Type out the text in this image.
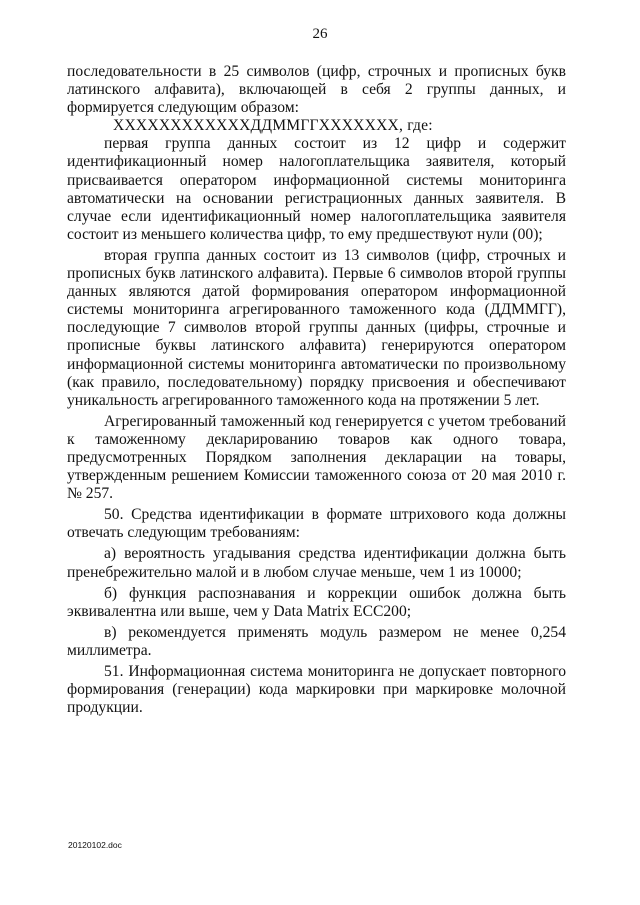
26

последовательности в 25 символов (цифр, строчных и прописных букв латинского алфавита), включающей в себя 2 группы данных, и формируется следующим образом:

ХХХХХХХХХХХХДДММГГХХХХХХХ, где:

первая группа данных состоит из 12 цифр и содержит идентификационный номер налогоплательщика заявителя, который присваивается оператором информационной системы мониторинга автоматически на основании регистрационных данных заявителя. В случае если идентификационный номер налогоплательщика заявителя состоит из меньшего количества цифр, то ему предшествуют нули (00);

вторая группа данных состоит из 13 символов (цифр, строчных и прописных букв латинского алфавита). Первые 6 символов второй группы данных являются датой формирования оператором информационной системы мониторинга агрегированного таможенного кода (ДДММГГ), последующие 7 символов второй группы данных (цифры, строчные и прописные буквы латинского алфавита) генерируются оператором информационной системы мониторинга автоматически по произвольному (как правило, последовательному) порядку присвоения и обеспечивают уникальность агрегированного таможенного кода на протяжении 5 лет.

Агрегированный таможенный код генерируется с учетом требований к таможенному декларированию товаров как одного товара, предусмотренных Порядком заполнения декларации на товары, утвержденным решением Комиссии таможенного союза от 20 мая 2010 г. № 257.

50. Средства идентификации в формате штрихового кода должны отвечать следующим требованиям:

а) вероятность угадывания средства идентификации должна быть пренебрежительно малой и в любом случае меньше, чем 1 из 10000;

б) функция распознавания и коррекции ошибок должна быть эквивалентна или выше, чем у Data Matrix ECC200;

в) рекомендуется применять модуль размером не менее 0,254 миллиметра.

51. Информационная система мониторинга не допускает повторного формирования (генерации) кода маркировки при маркировке молочной продукции.

20120102.doc
